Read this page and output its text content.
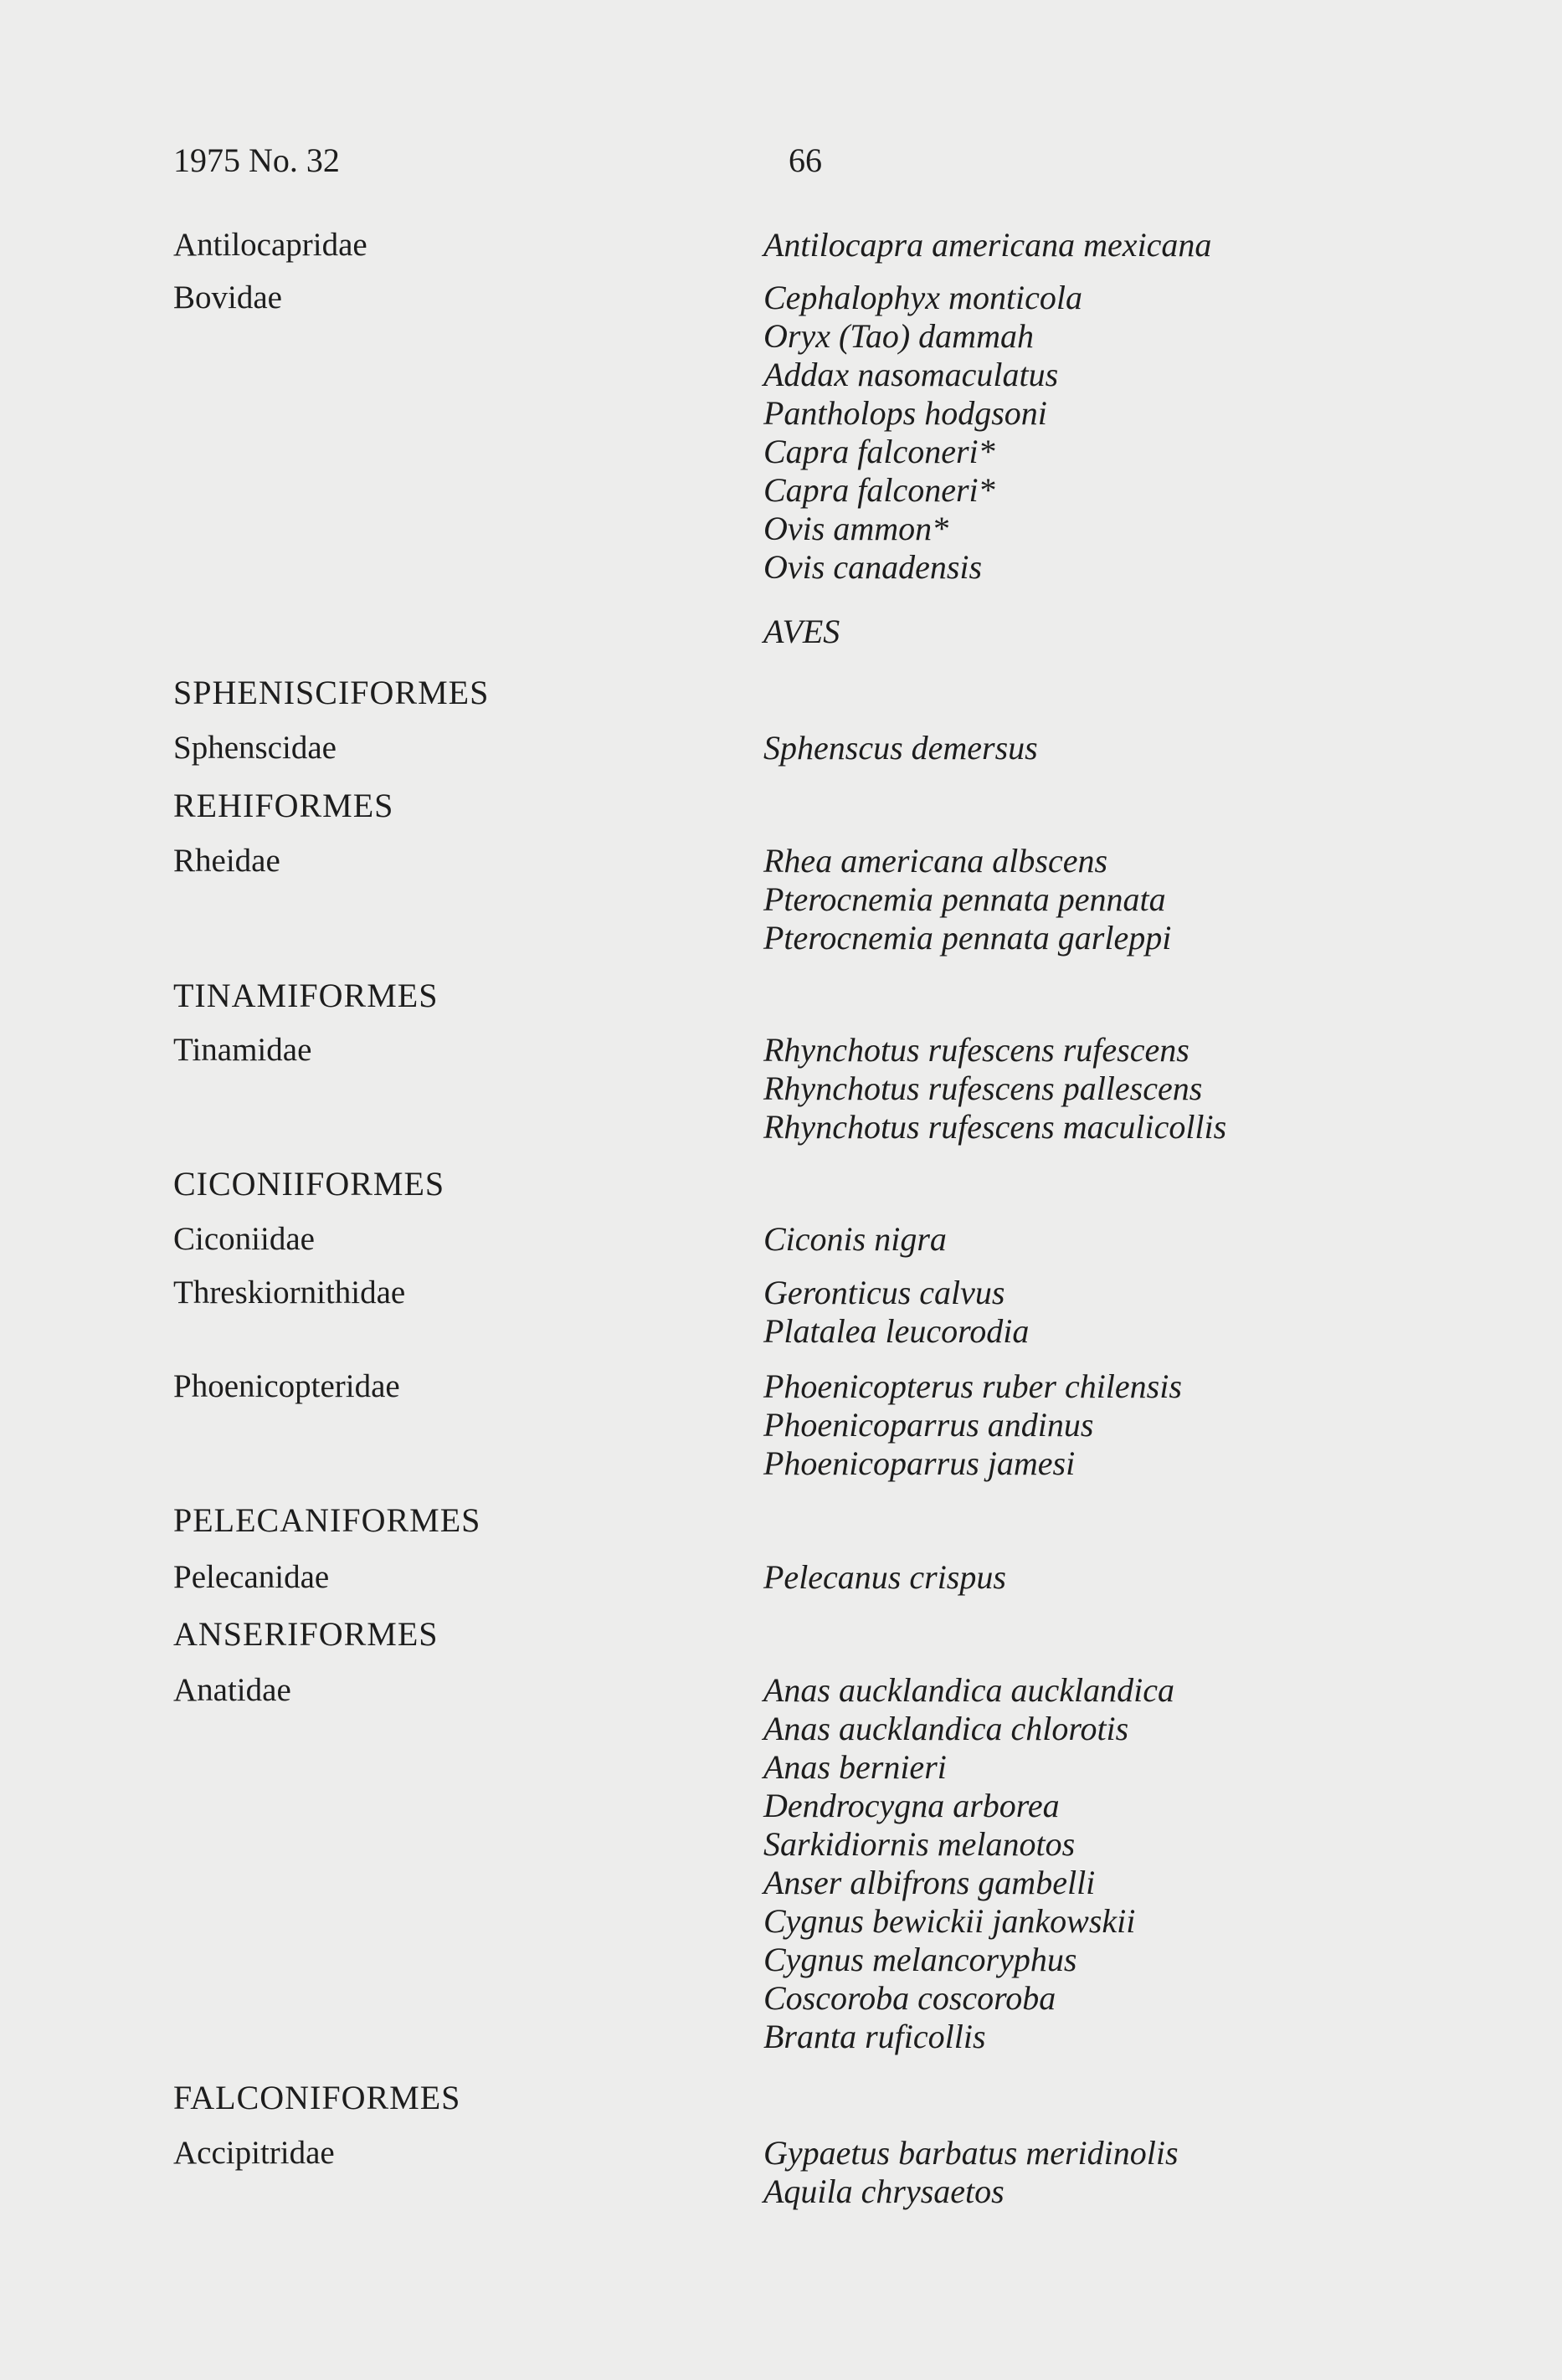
1975 No. 32	66
Antilocapridae	Antilocapra americana mexicana
Bovidae	Cephalophyx monticola
Oryx (Tao) dammah
Addax nasomaculatus
Pantholops hodgsoni
Capra falconeri*
Capra falconeri*
Ovis ammon*
Ovis canadensis
AVES
SPHENISCIFORMES
Sphenscidae	Sphenscus demersus
REHIFORMES
Rheidae	Rhea americana albscens
Pterocnemia pennata pennata
Pterocnemia pennata garleppi
TINAMIFORMES
Tinamidae	Rhynchotus rufescens rufescens
Rhynchotus rufescens pallescens
Rhynchotus rufescens maculicollis
CICONIIFORMES
Ciconiidae	Ciconis nigra
Threskiornithidae	Geronticus calvus
Platalea leucorodia
Phoenicopteridae	Phoenicopterus ruber chilensis
Phoenicoparrus andinus
Phoenicoparrus jamesi
PELECANIFORMES
Pelecanidae	Pelecanus crispus
ANSERIFORMES
Anatidae	Anas aucklandica aucklandica
Anas aucklandica chlorotis
Anas bernieri
Dendrocygna arborea
Sarkidiornis melanotos
Anser albifrons gambelli
Cygnus bewickii jankowskii
Cygnus melancoryphus
Coscoroba coscoroba
Branta ruficollis
FALCONIFORMES
Accipitridae	Gypaetus barbatus meridinolis
Aquila chrysaetos
